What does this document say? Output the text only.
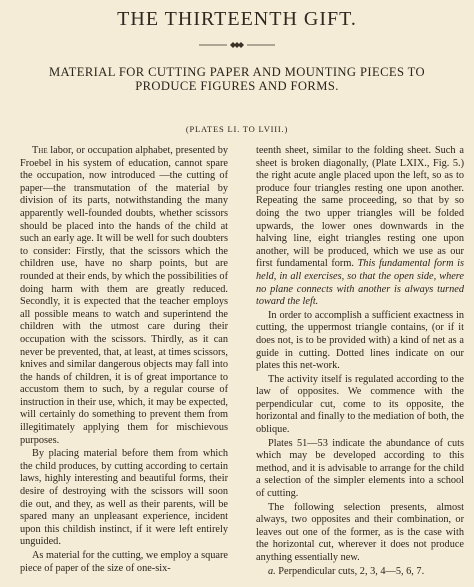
THE THIRTEENTH GIFT.
MATERIAL FOR CUTTING PAPER AND MOUNTING PIECES TO PRODUCE FIGURES AND FORMS.
(PLATES LI. TO LVIII.)

The labor, or occupation alphabet, presented by Froebel in his system of education, cannot spare the occupation, now introduced —the cutting of paper—the transmutation of the material by division of its parts, notwithstanding the many apparently well-founded doubts, whether scissors should be placed into the hands of the child at such an early age. It will be well for such doubters to consider: Firstly, that the scissors which the children use, have no sharp points, but are rounded at their ends, by which the possibilities of doing harm with them are greatly reduced. Secondly, it is expected that the teacher employs all possible means to watch and superintend the children with the utmost care during their occupation with the scissors. Thirdly, as it can never be prevented, that, at least, at times scissors, knives and similar dangerous objects may fall into the hands of children, it is of great importance to accustom them to such, by a regular course of instruction in their use, which, it may be expected, will certainly do something to prevent them from illegitimately applying them for mischievous purposes.

By placing material before them from which the child produces, by cutting according to certain laws, highly interesting and beautiful forms, their desire of destroying with the scissors will soon die out, and they, as well as their parents, will be spared many an unpleasant experience, incident upon this childish instinct, if it were left entirely unguided.

As material for the cutting, we employ a square piece of paper of the size of one-six-

teenth sheet, similar to the folding sheet. Such a sheet is broken diagonally, (Plate LXIX., Fig. 5.) the right acute angle placed upon the left, so as to produce four triangles resting one upon another. Repeating the same proceeding, so that by so doing the two upper triangles will be folded upwards, the lower ones downwards in the halving line, eight triangles resting one upon another, will be produced, which we use as our first fundamental form. This fundamental form is held, in all exercises, so that the open side, where no plane connects with another is always turned toward the left.

In order to accomplish a sufficient exactness in cutting, the uppermost triangle contains, (or if it does not, is to be provided with) a kind of net as a guide in cutting. Dotted lines indicate on our plates this net-work.

The activity itself is regulated according to the law of opposites. We commence with the perpendicular cut, come to its opposite, the horizontal and finally to the mediation of both, the oblique.

Plates 51—53 indicate the abundance of cuts which may be developed according to this method, and it is advisable to arrange for the child a selection of the simpler elements into a school of cutting.

The following selection presents, almost always, two opposites and their combination, or leaves out one of the former, as is the case with the horizontal cut, wherever it does not produce anything essentially new.

a. Perpendicular cuts, 2, 3, 4—5, 6, 7.
